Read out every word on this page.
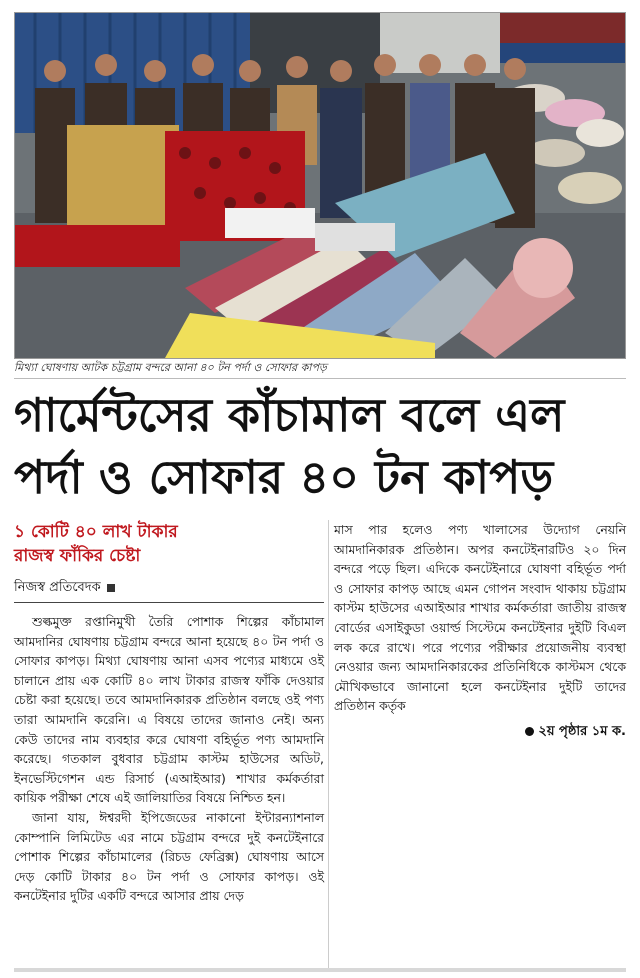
মিথ্যা ঘোষণায় আটক চট্টগ্রাম বন্দরে আনা ৪০ টন পর্দা ও সোফার কাপড়
গার্মেন্টসের কাঁচামাল বলে এল
পর্দা ও সোফার ৪০ টন কাপড়
১ কোটি ৪০ লাখ টাকার
রাজস্ব ফাঁকির চেষ্টা
নিজস্ব প্রতিবেদক

শুল্কমুক্ত রপ্তানিমুখী তৈরি পোশাক শিল্পের কাঁচামাল আমদানির ঘোষণায় চট্টগ্রাম বন্দরে আনা হয়েছে ৪০ টন পর্দা ও সোফার কাপড়। মিথ্যা ঘোষণায় আনা এসব পণ্যের মাধ্যমে ওই চালানে প্রায় এক কোটি ৪০ লাখ টাকার রাজস্ব ফাঁকি দেওয়ার চেষ্টা করা হয়েছে। তবে আমদানিকারক প্রতিষ্ঠান বলছে ওই পণ্য তারা আমদানি করেনি। এ বিষয়ে তাদের জানাও নেই। অন্য কেউ তাদের নাম ব্যবহার করে ঘোষণা বহির্ভূত পণ্য আমদানি করেছে। গতকাল বুধবার চট্টগ্রাম কাস্টম হাউসের অডিট, ইনভেস্টিগেশন এন্ড রিসার্চ (এআইআর) শাখার কর্মকর্তারা কায়িক পরীক্ষা শেষে এই জালিয়াতির বিষয়ে নিশ্চিত হন।

জানা যায়, ঈশ্বরদী ইপিজেডের নাকানো ইন্টারন্যাশনাল কোম্পানি লিমিটেড এর নামে চট্টগ্রাম বন্দরে দুই কনটেইনারে পোশাক শিল্পের কাঁচামালের (রিচড ফেব্রিক্স) ঘোষণায় আসে দেড় কোটি টাকার ৪০ টন পর্দা ও সোফার কাপড়। ওই কনটেইনার দুটির একটি বন্দরে আসার প্রায় দেড়

মাস পার হলেও পণ্য খালাসের উদ্যোগ নেয়নি আমদানিকারক প্রতিষ্ঠান। অপর কনটেইনারটিও ২০ দিন বন্দরে পড়ে ছিল। এদিকে কনটেইনারে ঘোষণা বহির্ভূত পর্দা ও সোফার কাপড় আছে এমন গোপন সংবাদ থাকায় চট্টগ্রাম কাস্টম হাউসের এআইআর শাখার কর্মকর্তারা জাতীয় রাজস্ব বোর্ডের এসাইকুডা ওয়ার্ল্ড সিস্টেমে কনটেইনার দুইটি বিএল লক করে রাখে। পরে পণ্যের পরীক্ষার প্রয়োজনীয় ব্যবস্থা নেওয়ার জন্য আমদানিকারকের প্রতিনিধিকে কাস্টমস থেকে মৌখিকভাবে জানানো হলে কনটেইনার দুইটি তাদের প্রতিষ্ঠান কর্তৃক

২য় পৃষ্ঠার ১ম ক.
